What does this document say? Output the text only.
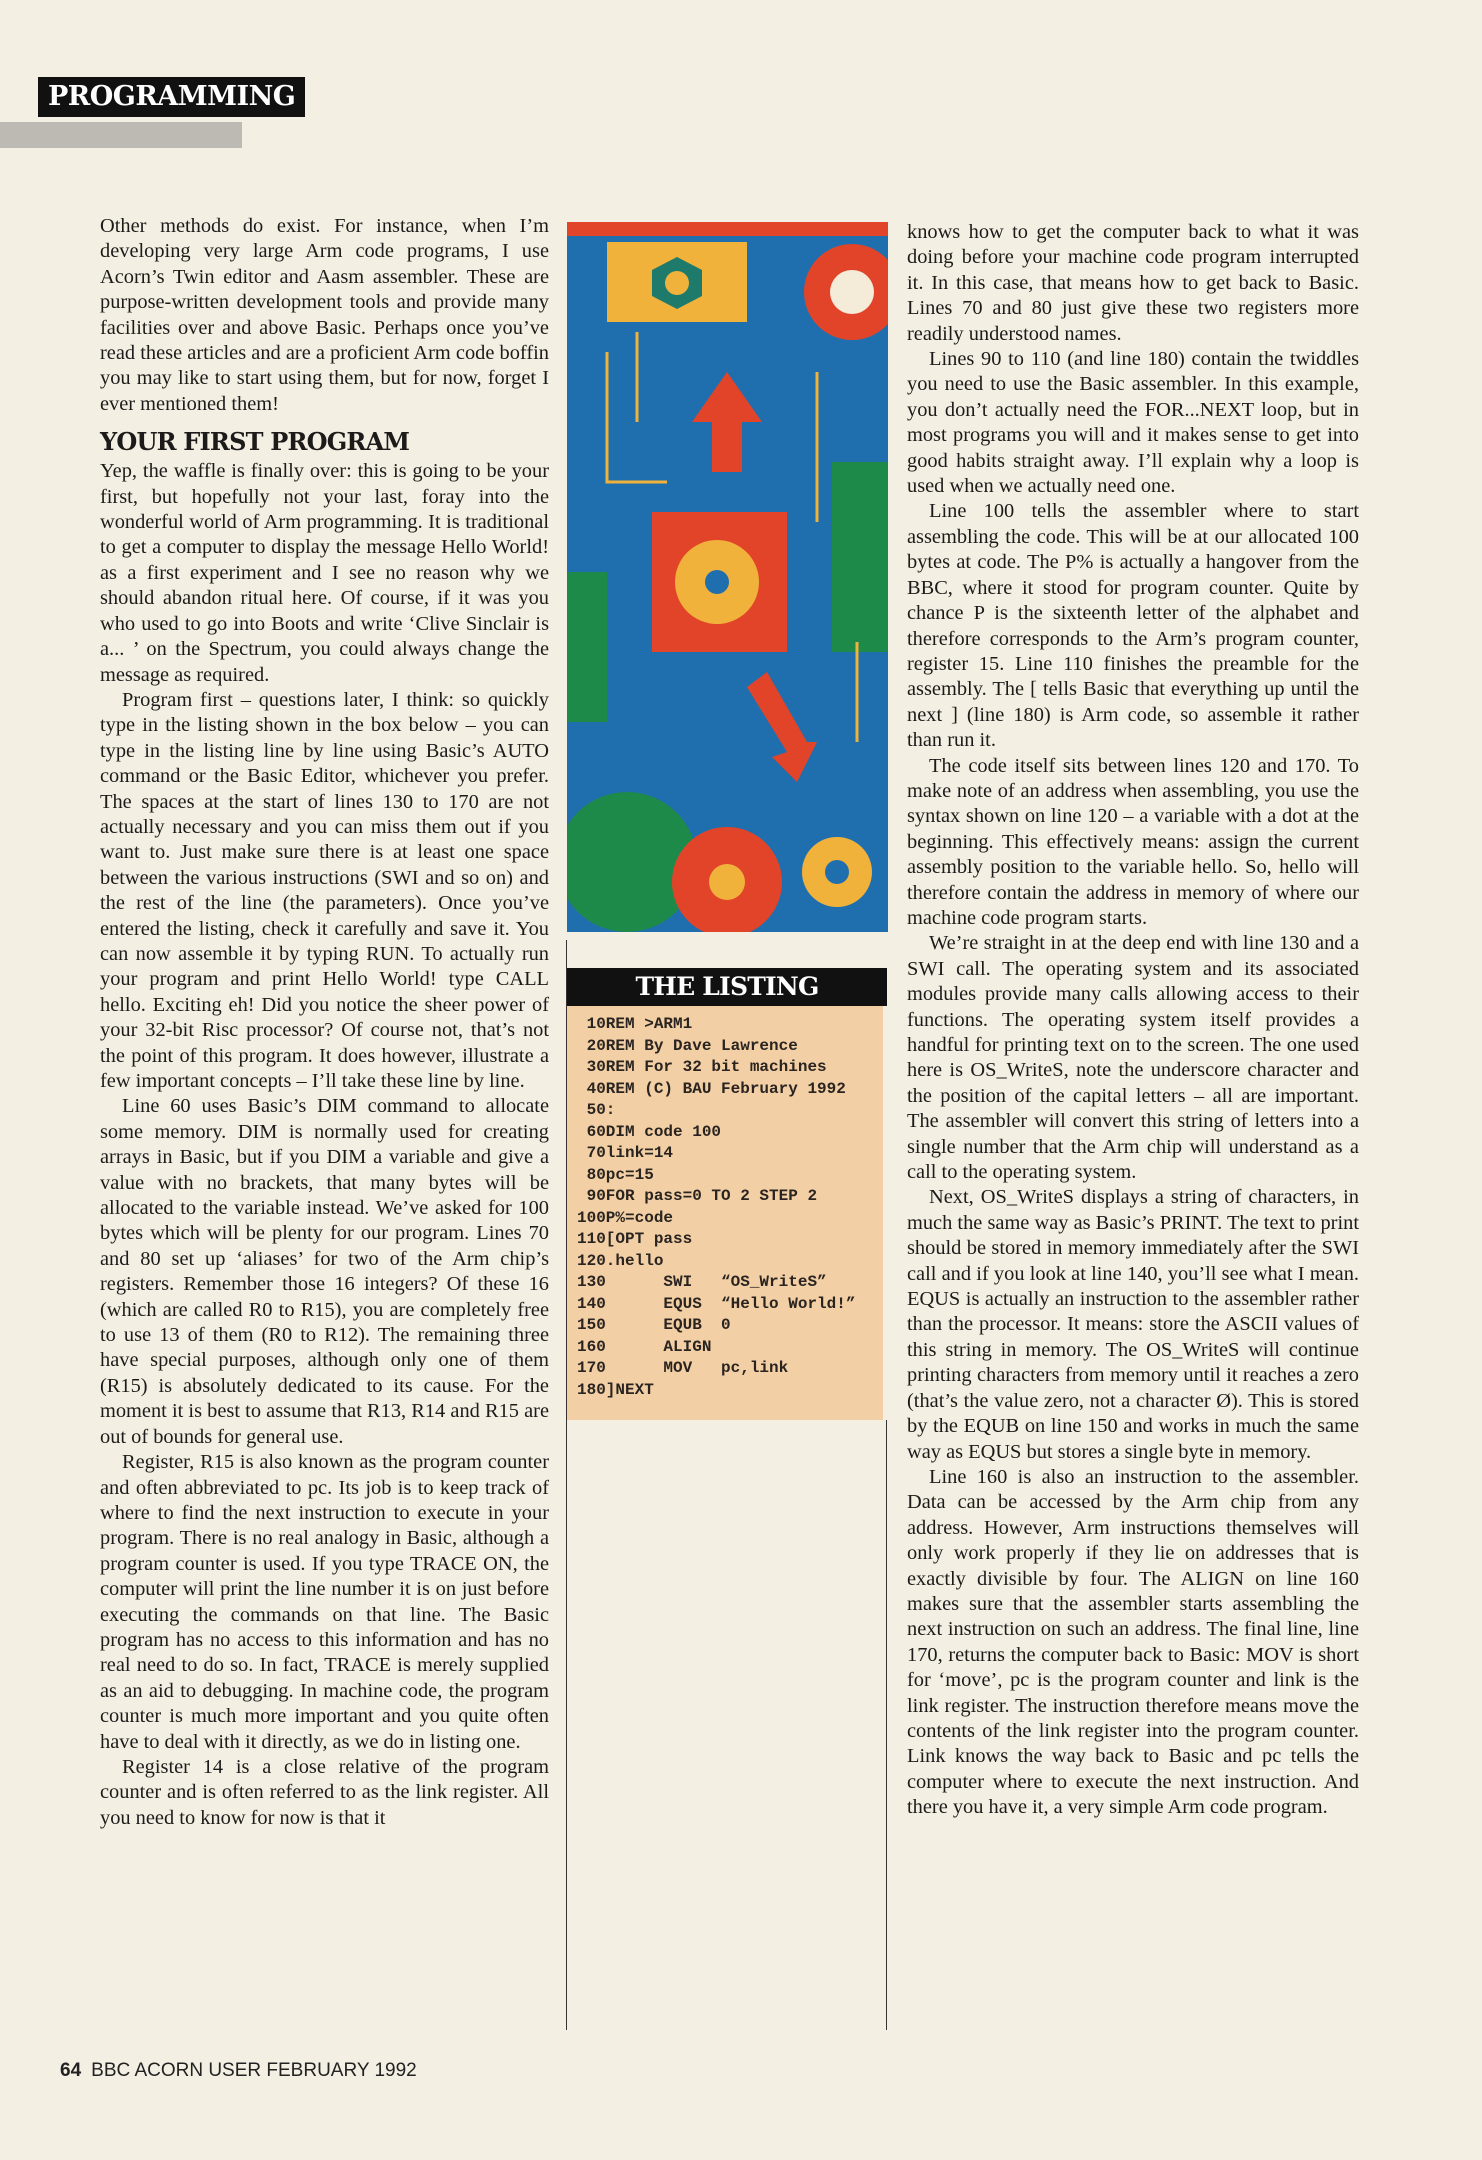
PROGRAMMING

Other methods do exist. For instance, when I’m developing very large Arm code programs, I use Acorn’s Twin editor and Aasm assembler. These are purpose-written development tools and provide many facilities over and above Basic. Perhaps once you’ve read these articles and are a proficient Arm code boffin you may like to start using them, but for now, forget I ever mentioned them!

YOUR FIRST PROGRAM

Yep, the waffle is finally over: this is going to be your first, but hopefully not your last, foray into the wonderful world of Arm programming. It is traditional to get a computer to display the message Hello World! as a first experiment and I see no reason why we should abandon ritual here. Of course, if it was you who used to go into Boots and write ‘Clive Sinclair is a... ’ on the Spectrum, you could always change the message as required.

Program first – questions later, I think: so quickly type in the listing shown in the box below – you can type in the listing line by line using Basic’s AUTO command or the Basic Editor, whichever you prefer. The spaces at the start of lines 130 to 170 are not actually necessary and you can miss them out if you want to. Just make sure there is at least one space between the various instructions (SWI and so on) and the rest of the line (the parameters). Once you’ve entered the listing, check it carefully and save it. You can now assemble it by typing RUN. To actually run your program and print Hello World! type CALL hello. Exciting eh! Did you notice the sheer power of your 32-bit Risc processor? Of course not, that’s not the point of this program. It does however, illustrate a few important concepts – I’ll take these line by line.

Line 60 uses Basic’s DIM command to allocate some memory. DIM is normally used for creating arrays in Basic, but if you DIM a variable and give a value with no brackets, that many bytes will be allocated to the variable instead. We’ve asked for 100 bytes which will be plenty for our program. Lines 70 and 80 set up ‘aliases’ for two of the Arm chip’s registers. Remember those 16 integers? Of these 16 (which are called R0 to R15), you are completely free to use 13 of them (R0 to R12). The remaining three have special purposes, although only one of them (R15) is absolutely dedicated to its cause. For the moment it is best to assume that R13, R14 and R15 are out of bounds for general use.

Register, R15 is also known as the program counter and often abbreviated to pc. Its job is to keep track of where to find the next instruction to execute in your program. There is no real analogy in Basic, although a program counter is used. If you type TRACE ON, the computer will print the line number it is on just before executing the commands on that line. The Basic program has no access to this information and has no real need to do so. In fact, TRACE is merely supplied as an aid to debugging. In machine code, the program counter is much more important and you quite often have to deal with it directly, as we do in listing one.

Register 14 is a close relative of the program counter and is often referred to as the link register. All you need to know for now is that it

THE LISTING
10REM >ARM1
20REM By Dave Lawrence
30REM For 32 bit machines
40REM (C) BAU February 1992
50:
60DIM code 100
70link=14
80pc=15
90FOR pass=0 TO 2 STEP 2
100P%=code
110[OPT pass
120.hello
130      SWI   “OS_WriteS”
140      EQUS  “Hello World!”
150      EQUB  0
160      ALIGN
170      MOV   pc,link
180]NEXT

knows how to get the computer back to what it was doing before your machine code program interrupted it. In this case, that means how to get back to Basic. Lines 70 and 80 just give these two registers more readily understood names.

Lines 90 to 110 (and line 180) contain the twiddles you need to use the Basic assembler. In this example, you don’t actually need the FOR...NEXT loop, but in most programs you will and it makes sense to get into good habits straight away. I’ll explain why a loop is used when we actually need one.

Line 100 tells the assembler where to start assembling the code. This will be at our allocated 100 bytes at code. The P% is actually a hangover from the BBC, where it stood for program counter. Quite by chance P is the sixteenth letter of the alphabet and therefore corresponds to the Arm’s program counter, register 15. Line 110 finishes the preamble for the assembly. The [ tells Basic that everything up until the next ] (line 180) is Arm code, so assemble it rather than run it.

The code itself sits between lines 120 and 170. To make note of an address when assembling, you use the syntax shown on line 120 – a variable with a dot at the beginning. This effectively means: assign the current assembly position to the variable hello. So, hello will therefore contain the address in memory of where our machine code program starts.

We’re straight in at the deep end with line 130 and a SWI call. The operating system and its associated modules provide many calls allowing access to their functions. The operating system itself provides a handful for printing text on to the screen. The one used here is OS_WriteS, note the underscore character and the position of the capital letters – all are important. The assembler will convert this string of letters into a single number that the Arm chip will understand as a call to the operating system.

Next, OS_WriteS displays a string of characters, in much the same way as Basic’s PRINT. The text to print should be stored in memory immediately after the SWI call and if you look at line 140, you’ll see what I mean. EQUS is actually an instruction to the assembler rather than the processor. It means: store the ASCII values of this string in memory. The OS_WriteS will continue printing characters from memory until it reaches a zero (that’s the value zero, not a character Ø). This is stored by the EQUB on line 150 and works in much the same way as EQUS but stores a single byte in memory.

Line 160 is also an instruction to the assembler. Data can be accessed by the Arm chip from any address. However, Arm instructions themselves will only work properly if they lie on addresses that is exactly divisible by four. The ALIGN on line 160 makes sure that the assembler starts assembling the next instruction on such an address. The final line, line 170, returns the computer back to Basic: MOV is short for ‘move’, pc is the program counter and link is the link register. The instruction therefore means move the contents of the link register into the program counter. Link knows the way back to Basic and pc tells the computer where to execute the next instruction. And there you have it, a very simple Arm code program.

64 BBC ACORN USER FEBRUARY 1992
